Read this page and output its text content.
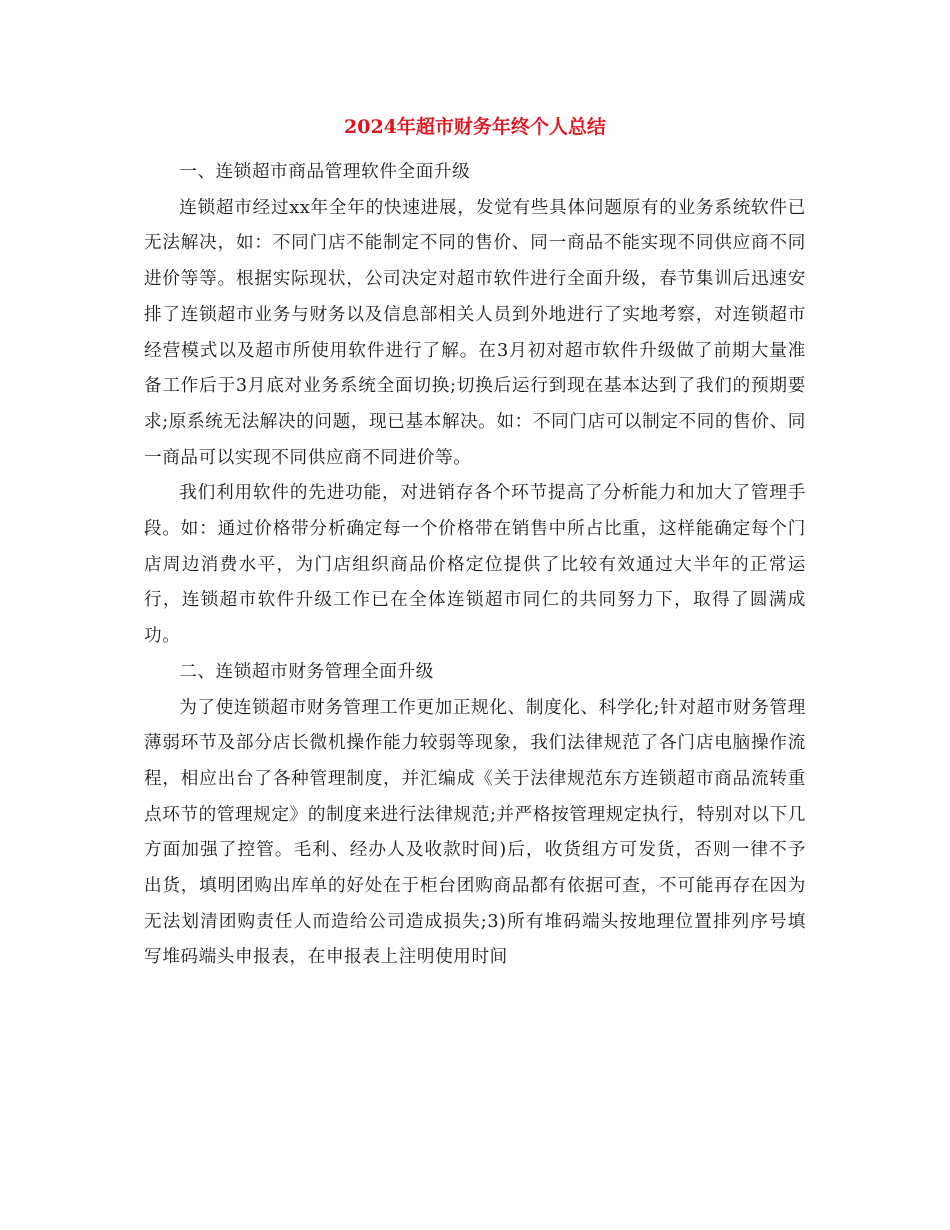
2024年超市财务年终个人总结

一、连锁超市商品管理软件全面升级

连锁超市经过xx年全年的快速进展，发觉有些具体问题原有的业务系统软件已无法解决，如：不同门店不能制定不同的售价、同一商品不能实现不同供应商不同进价等等。根据实际现状，公司决定对超市软件进行全面升级，春节集训后迅速安排了连锁超市业务与财务以及信息部相关人员到外地进行了实地考察，对连锁超市经营模式以及超市所使用软件进行了解。在3月初对超市软件升级做了前期大量准备工作后于3月底对业务系统全面切换;切换后运行到现在基本达到了我们的预期要求;原系统无法解决的问题，现已基本解决。如：不同门店可以制定不同的售价、同一商品可以实现不同供应商不同进价等。

我们利用软件的先进功能，对进销存各个环节提高了分析能力和加大了管理手段。如：通过价格带分析确定每一个价格带在销售中所占比重，这样能确定每个门店周边消费水平，为门店组织商品价格定位提供了比较有效通过大半年的正常运行，连锁超市软件升级工作已在全体连锁超市同仁的共同努力下，取得了圆满成功。

二、连锁超市财务管理全面升级

为了使连锁超市财务管理工作更加正规化、制度化、科学化;针对超市财务管理薄弱环节及部分店长微机操作能力较弱等现象，我们法律规范了各门店电脑操作流程，相应出台了各种管理制度，并汇编成《关于法律规范东方连锁超市商品流转重点环节的管理规定》的制度来进行法律规范;并严格按管理规定执行，特别对以下几方面加强了控管。毛利、经办人及收款时间)后，收货组方可发货，否则一律不予出货，填明团购出库单的好处在于柜台团购商品都有依据可查，不可能再存在因为无法划清团购责任人而造给公司造成损失;3)所有堆码端头按地理位置排列序号填写堆码端头申报表，在申报表上注明使用时间
